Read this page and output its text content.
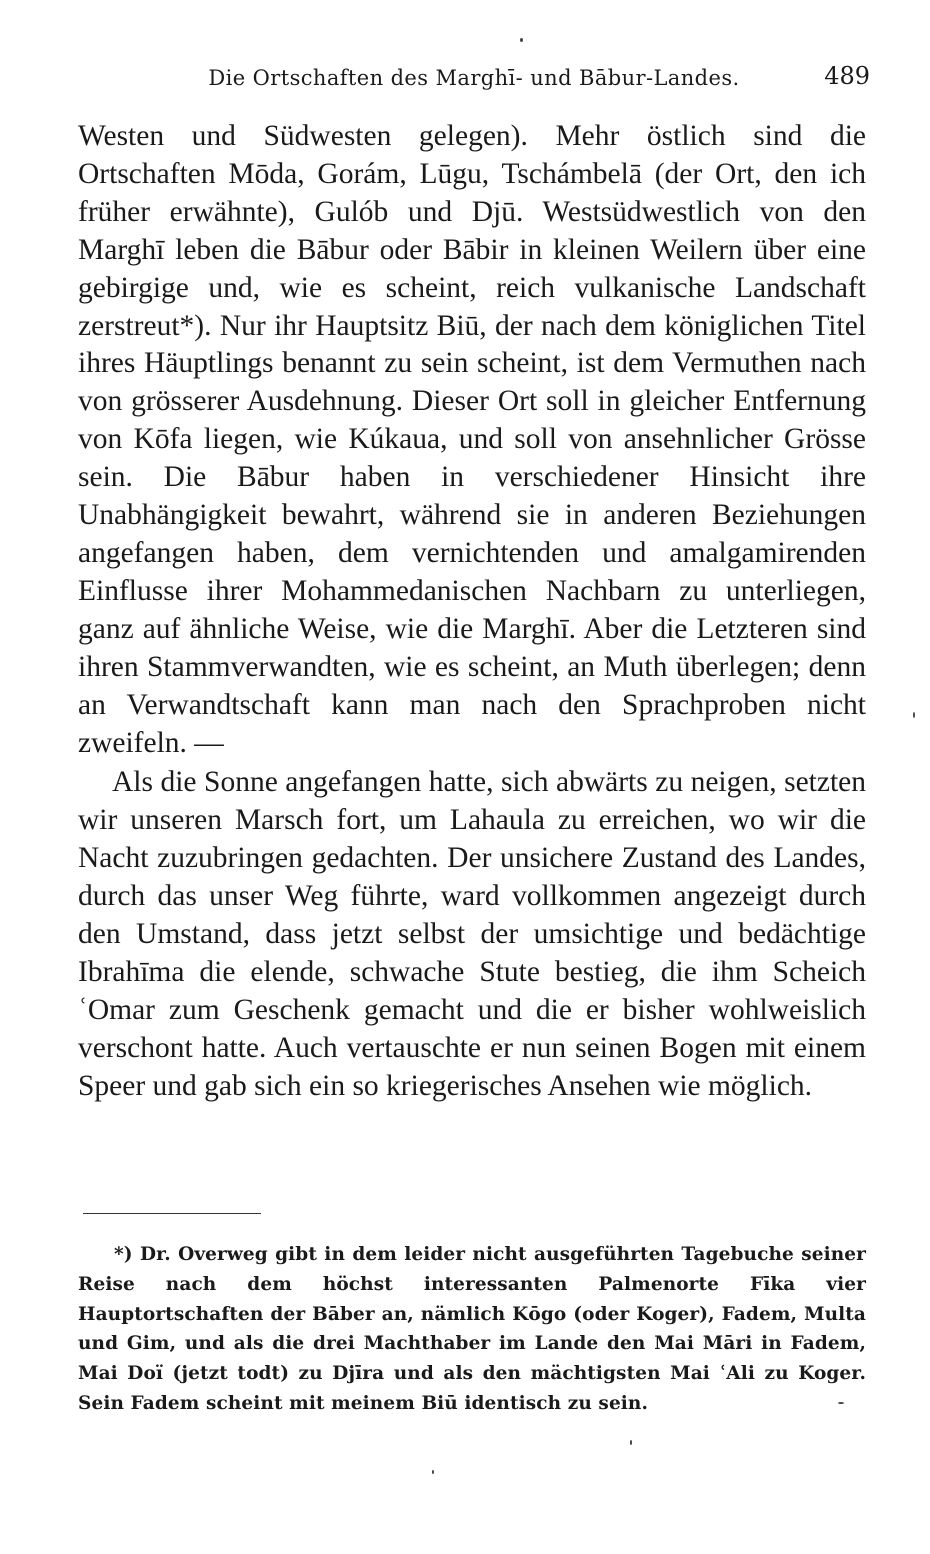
Die Ortschaften des Marghī- und Bābur-Landes.	489

Westen und Südwesten gelegen). Mehr östlich sind die Ortschaften Mōda, Gorám, Lūgu, Tschámbelā (der Ort, den ich früher erwähnte), Gulób und Djū. Westsüdwestlich von den Marghī leben die Bābur oder Bābir in kleinen Weilern über eine gebirgige und, wie es scheint, reich vulkanische Landschaft zerstreut*). Nur ihr Hauptsitz Biū, der nach dem königlichen Titel ihres Häuptlings benannt zu sein scheint, ist dem Vermuthen nach von grösserer Ausdehnung. Dieser Ort soll in gleicher Entfernung von Kōfa liegen, wie Kúkaua, und soll von ansehnlicher Grösse sein. Die Bābur haben in verschiedener Hinsicht ihre Unabhängigkeit bewahrt, während sie in anderen Beziehungen angefangen haben, dem vernichtenden und amalgamirenden Einflusse ihrer Mohammedanischen Nachbarn zu unterliegen, ganz auf ähnliche Weise, wie die Marghī. Aber die Letzteren sind ihren Stammverwandten, wie es scheint, an Muth überlegen; denn an Verwandtschaft kann man nach den Sprachproben nicht zweifeln. —

Als die Sonne angefangen hatte, sich abwärts zu neigen, setzten wir unseren Marsch fort, um Lahaula zu erreichen, wo wir die Nacht zuzubringen gedachten. Der unsichere Zustand des Landes, durch das unser Weg führte, ward vollkommen angezeigt durch den Umstand, dass jetzt selbst der umsichtige und bedächtige Ibrahīma die elende, schwache Stute bestieg, die ihm Scheich ʿOmar zum Geschenk gemacht und die er bisher wohlweislich verschont hatte. Auch vertauschte er nun seinen Bogen mit einem Speer und gab sich ein so kriegerisches Ansehen wie möglich.

*) Dr. Overweg gibt in dem leider nicht ausgeführten Tagebuche seiner Reise nach dem höchst interessanten Palmenorte Fīka vier Hauptortschaften der Bāber an, nämlich Kōgo (oder Koger), Fadem, Multa und Gim, und als die drei Machthaber im Lande den Mai Māri in Fadem, Mai Doï (jetzt todt) zu Djīra und als den mächtigsten Mai ʿAli zu Koger. Sein Fadem scheint mit meinem Biū identisch zu sein.
